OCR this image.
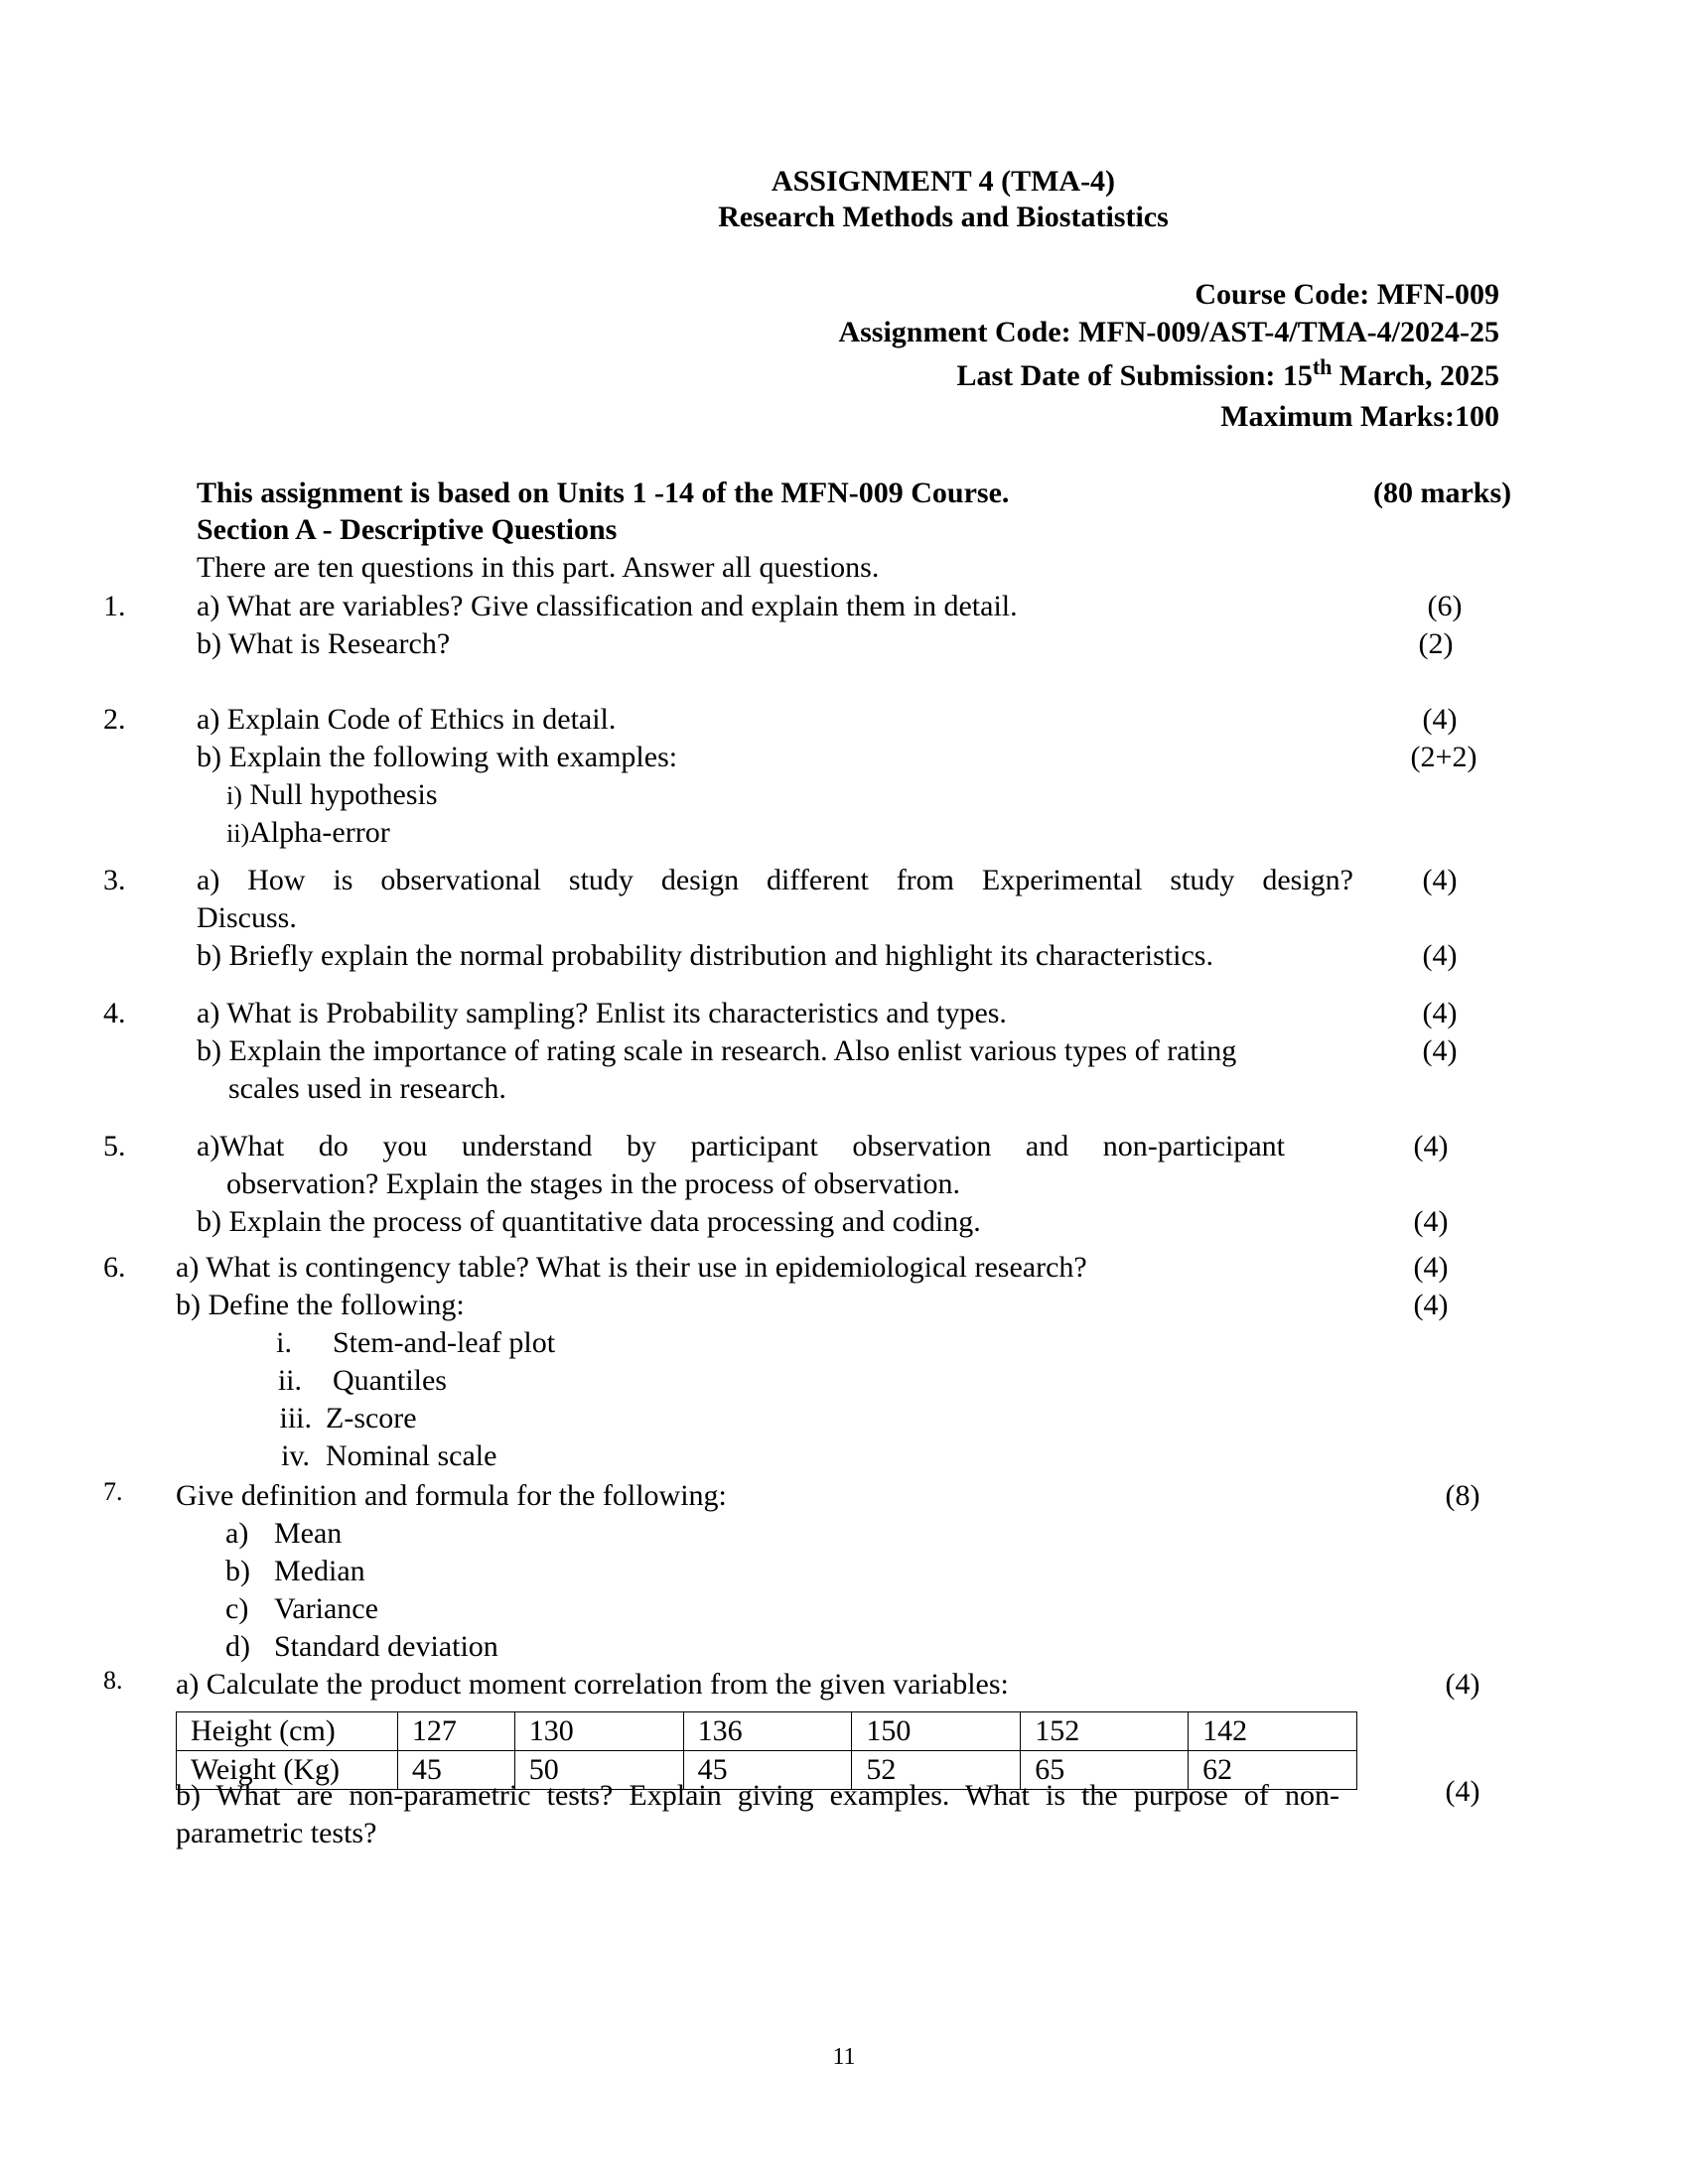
ASSIGNMENT 4 (TMA-4)
Research Methods and Biostatistics
Course Code: MFN-009
Assignment Code: MFN-009/AST-4/TMA-4/2024-25
Last Date of Submission: 15th March, 2025
Maximum Marks:100
This assignment is based on Units 1 -14 of the MFN-009 Course.	(80 marks)
Section A - Descriptive Questions
There are ten questions in this part. Answer all questions.
1. a) What are variables? Give classification and explain them in detail.	(6)
b) What is Research?	(2)
2. a) Explain Code of Ethics in detail.	(4)
b) Explain the following with examples:	(2+2)
i) Null hypothesis
ii)Alpha-error
3. a) How is observational study design different from Experimental study design?	(4)
Discuss.
b) Briefly explain the normal probability distribution and highlight its characteristics.	(4)
4. a) What is Probability sampling? Enlist its characteristics and types.	(4)
b) Explain the importance of rating scale in research. Also enlist various types of rating	(4)
scales used in research.
5. a)What do you understand by participant observation and non-participant	(4)
observation? Explain the stages in the process of observation.
b) Explain the process of quantitative data processing and coding.	(4)
6. a) What is contingency table? What is their use in epidemiological research?	(4)
b) Define the following:	(4)
i. Stem-and-leaf plot
ii. Quantiles
iii. Z-score
iv. Nominal scale
7. Give definition and formula for the following:	(8)
a) Mean
b) Median
c) Variance
d) Standard deviation
8. a) Calculate the product moment correlation from the given variables:	(4)
Height (cm)	127	130	136	150	152	142
Weight (Kg)	45	50	45	52	65	62
b) What are non-parametric tests? Explain giving examples. What is the purpose of non-	(4)
parametric tests?
11
